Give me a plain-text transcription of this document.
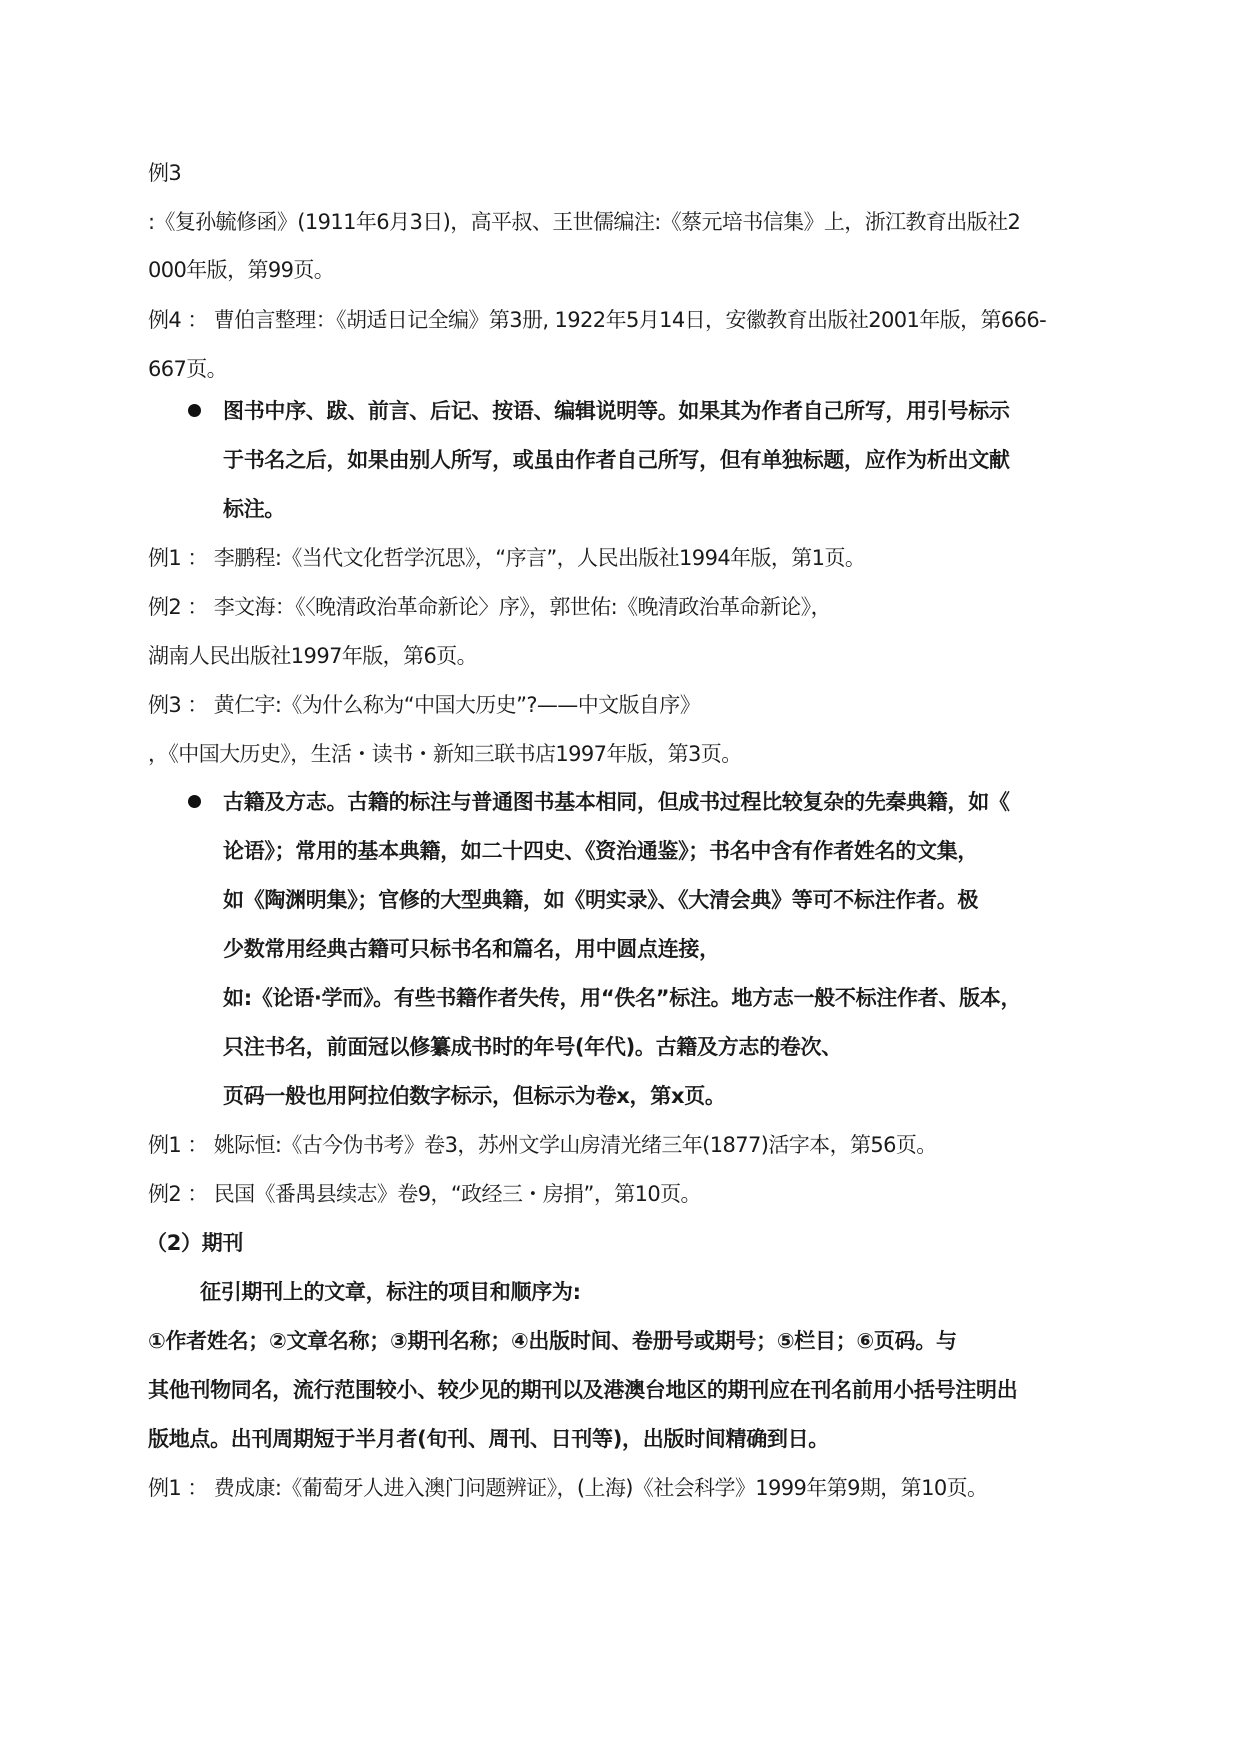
例3
:《复孙毓修函》(1911年6月3日)，高平叔、王世儒编注:《蔡元培书信集》上，浙江教育出版社2
000年版，第99页。
例4 ： 曹伯言整理：《胡适日记全编》第3册, 1922年5月14日，安徽教育出版社2001年版，第666-
667页。
图书中序、跋、前言、后记、按语、编辑说明等。如果其为作者自己所写，用引号标示
于书名之后，如果由别人所写，或虽由作者自己所写，但有单独标题，应作为析出文献
标注。
例1 ： 李鹏程:《当代文化哲学沉思》，“序言”，人民出版社1994年版，第1页。
例2 ： 李文海：《〈晚清政治革命新论〉序》，郭世佑:《晚清政治革命新论》，
湖南人民出版社1997年版，第6页。
例3 ： 黄仁宇:《为什么称为“中国大历史”?——中文版自序》
，《中国大历史》，生活・读书・新知三联书店1997年版，第3页。
古籍及方志。古籍的标注与普通图书基本相同，但成书过程比较复杂的先秦典籍，如《
论语》；常用的基本典籍，如二十四史、《资治通鉴》；书名中含有作者姓名的文集，
如《陶渊明集》；官修的大型典籍，如《明实录》、《大清会典》等可不标注作者。极
少数常用经典古籍可只标书名和篇名，用中圆点连接，
如:《论语·学而》。有些书籍作者失传，用“佚名”标注。地方志一般不标注作者、版本，
只注书名，前面冠以修纂成书时的年号(年代)。古籍及方志的卷次、
页码一般也用阿拉伯数字标示，但标示为卷x，第x页。
例1 ： 姚际恒:《古今伪书考》卷3，苏州文学山房清光绪三年(1877)活字本，第56页。
例2 ： 民国《番禺县续志》卷9，“政经三・房捐”，第10页。
（2）期刊
征引期刊上的文章，标注的项目和顺序为:
①作者姓名；②文章名称；③期刊名称；④出版时间、卷册号或期号；⑤栏目；⑥页码。与
其他刊物同名，流行范围较小、较少见的期刊以及港澳台地区的期刊应在刊名前用小括号注明出
版地点。出刊周期短于半月者(旬刊、周刊、日刊等)，出版时间精确到日。
例1 ： 费成康:《葡萄牙人进入澳门问题辨证》，(上海)《社会科学》1999年第9期，第10页。
